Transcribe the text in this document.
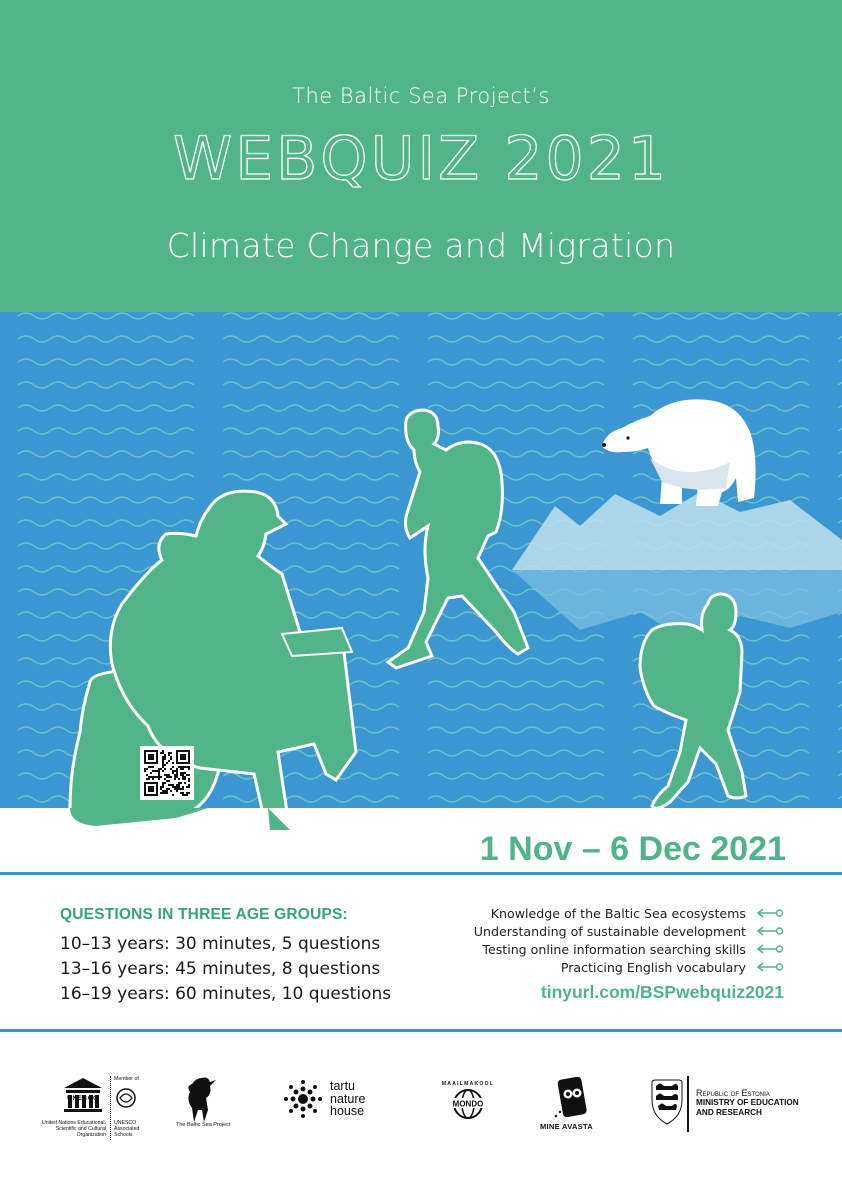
The Baltic Sea Project’s
WEBQUIZ 2021
Climate Change and Migration
1 Nov – 6 Dec 2021
QUESTIONS IN THREE AGE GROUPS:
10–13 years: 30 minutes, 5 questions
13–16 years: 45 minutes, 8 questions
16–19 years: 60 minutes, 10 questions
Knowledge of the Baltic Sea ecosystems
Understanding of sustainable development
Testing online information searching skills
Practicing English vocabulary
tinyurl.com/BSPwebquiz2021
UNESCO
United Nations Educational, Scientific and Cultural Organization
Member of
UNESCO Associated Schools
The Baltic Sea Project
tartu
nature
house	MONDO
MAAILMAKOOL
MINE AVASTA
Republic of Estonia
MINISTRY OF EDUCATION
AND RESEARCH
